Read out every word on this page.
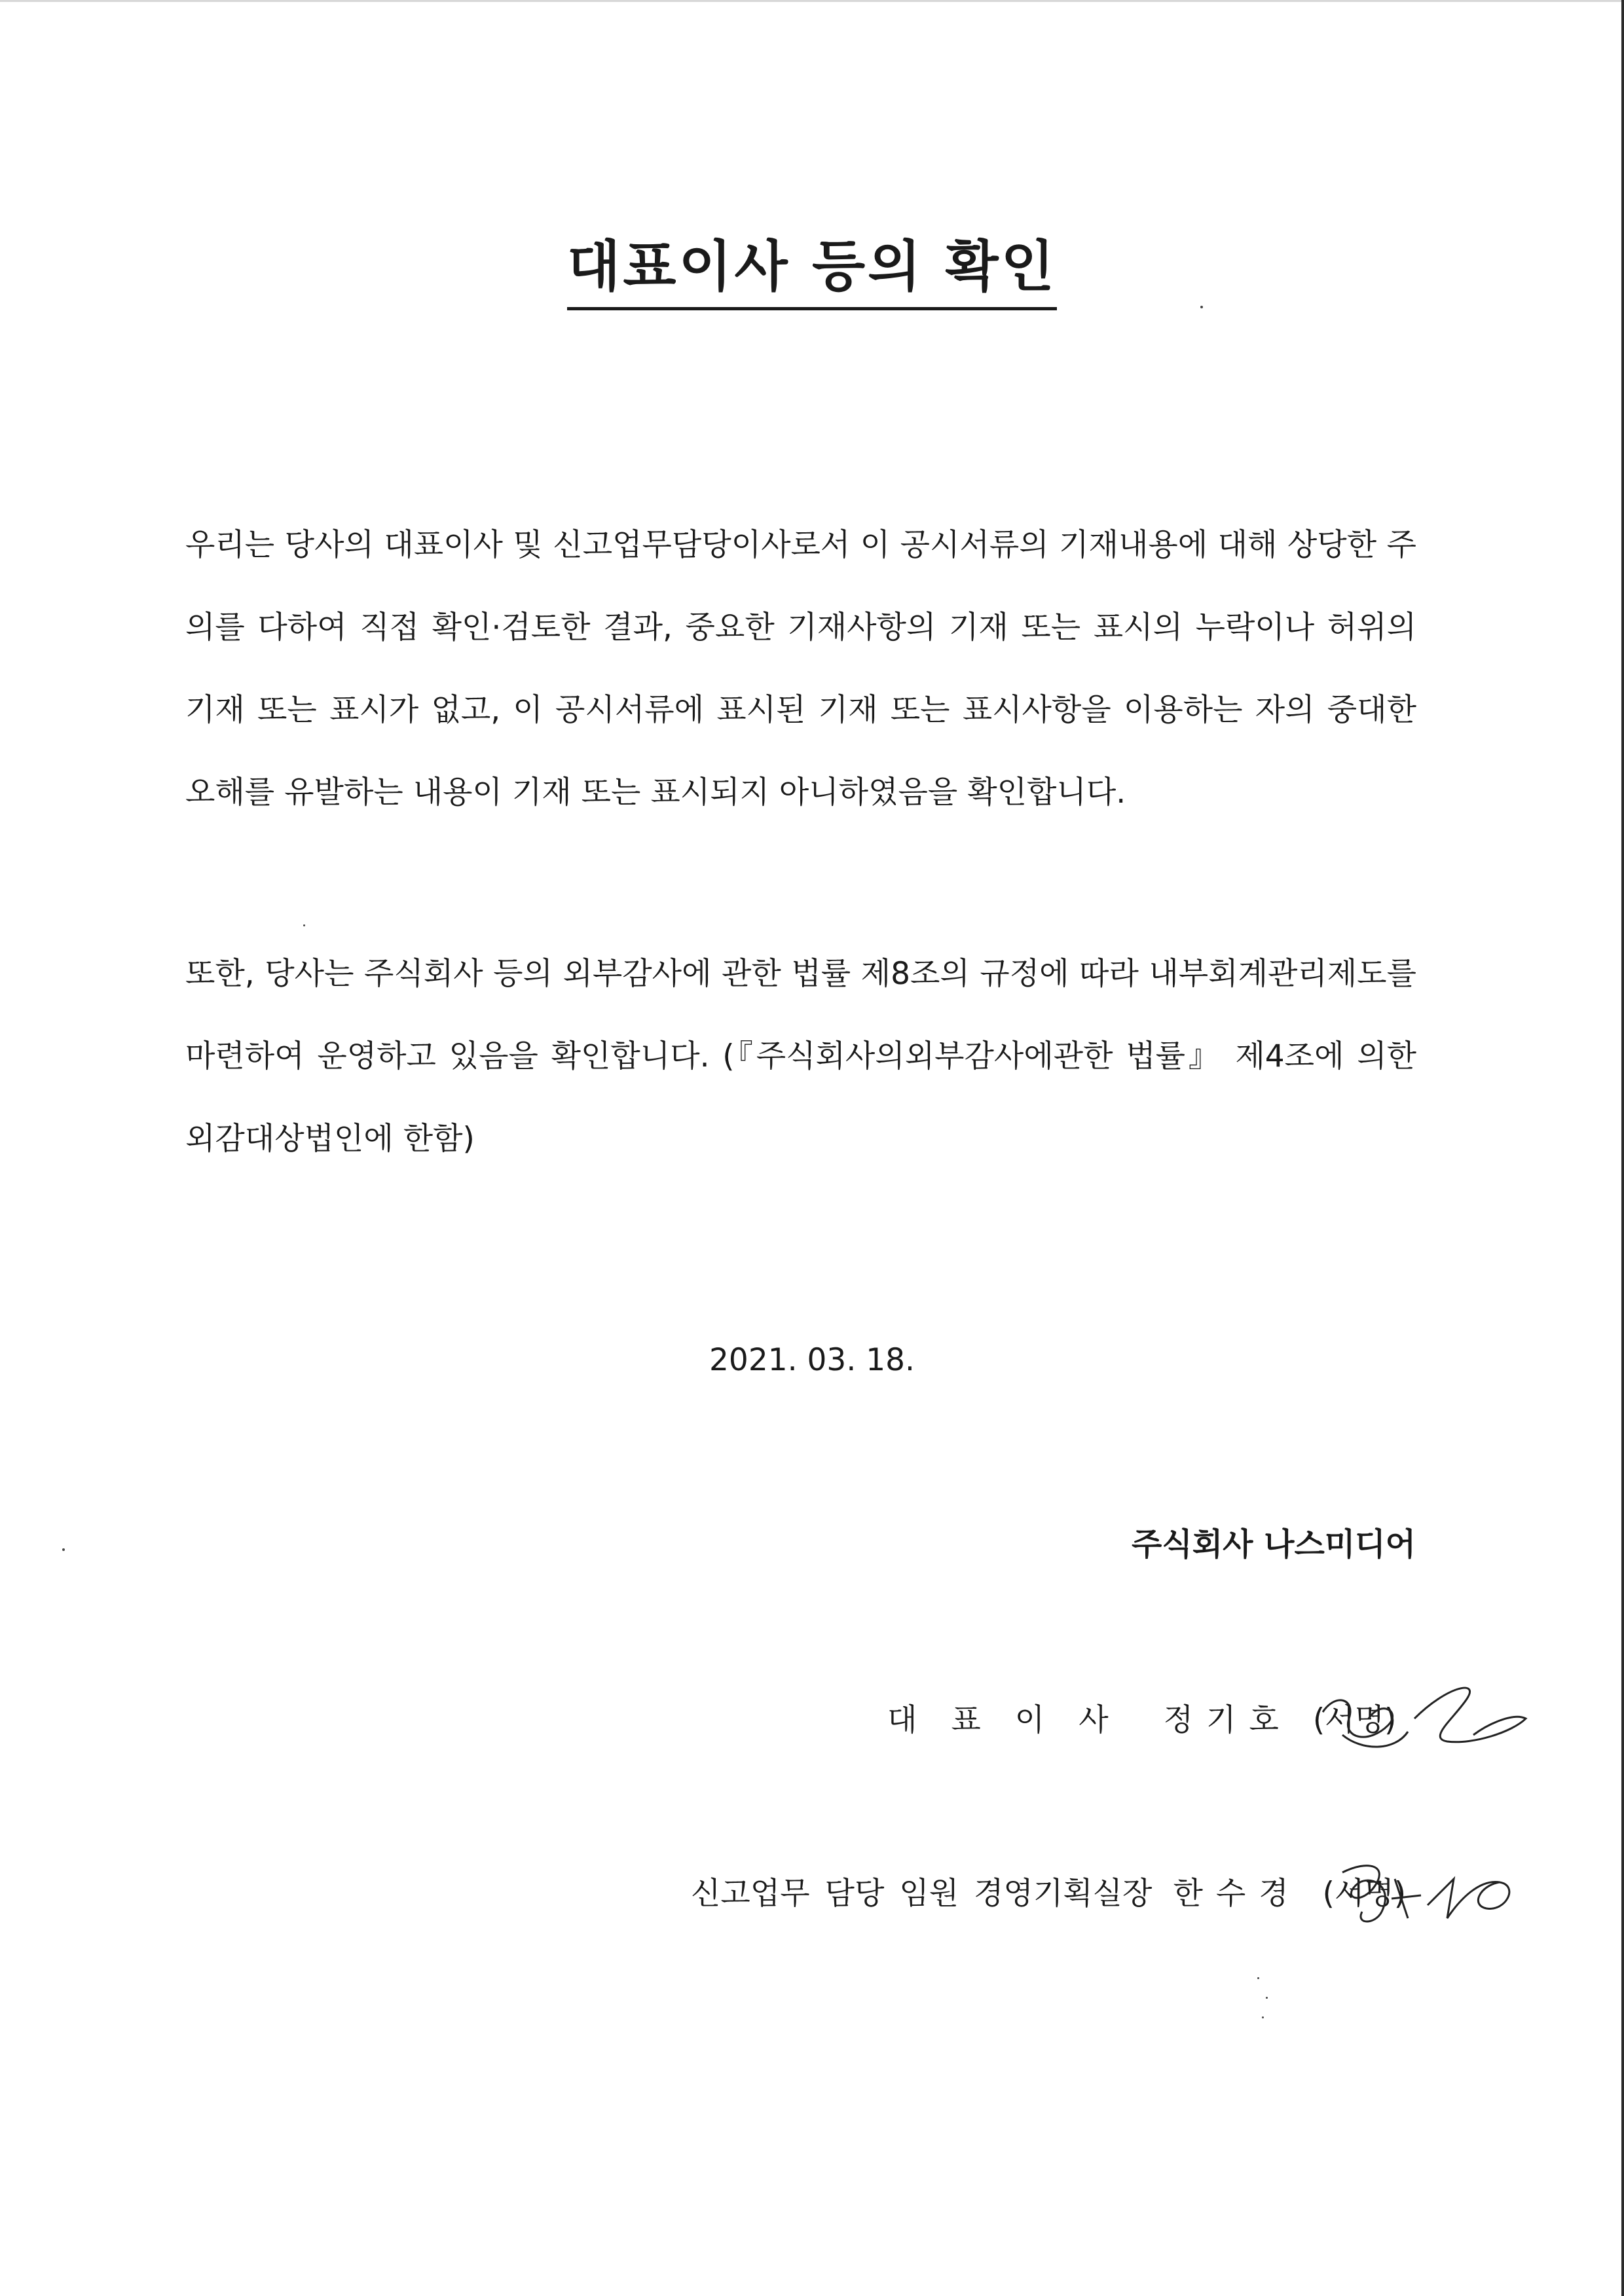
대표이사 등의 확인
우리는 당사의 대표이사 및 신고업무담당이사로서 이 공시서류의 기재내용에 대해 상당한 주의를 다하여 직접 확인·검토한 결과, 중요한 기재사항의 기재 또는 표시의 누락이나 허위의 기재 또는 표시가 없고, 이 공시서류에 표시된 기재 또는 표시사항을 이용하는 자의 중대한 오해를 유발하는 내용이 기재 또는 표시되지 아니하였음을 확인합니다.
또한, 당사는 주식회사 등의 외부감사에 관한 법률 제8조의 규정에 따라 내부회계관리제도를 마련하여 운영하고 있음을 확인합니다. (『주식회사의외부감사에관한 법률』 제4조에 의한 외감대상법인에 한함)
2021. 03. 18.
주식회사 나스미디어
대표이사 정기호 (서명)
신고업무 담당 임원 경영기획실장 한수경 (서명)
